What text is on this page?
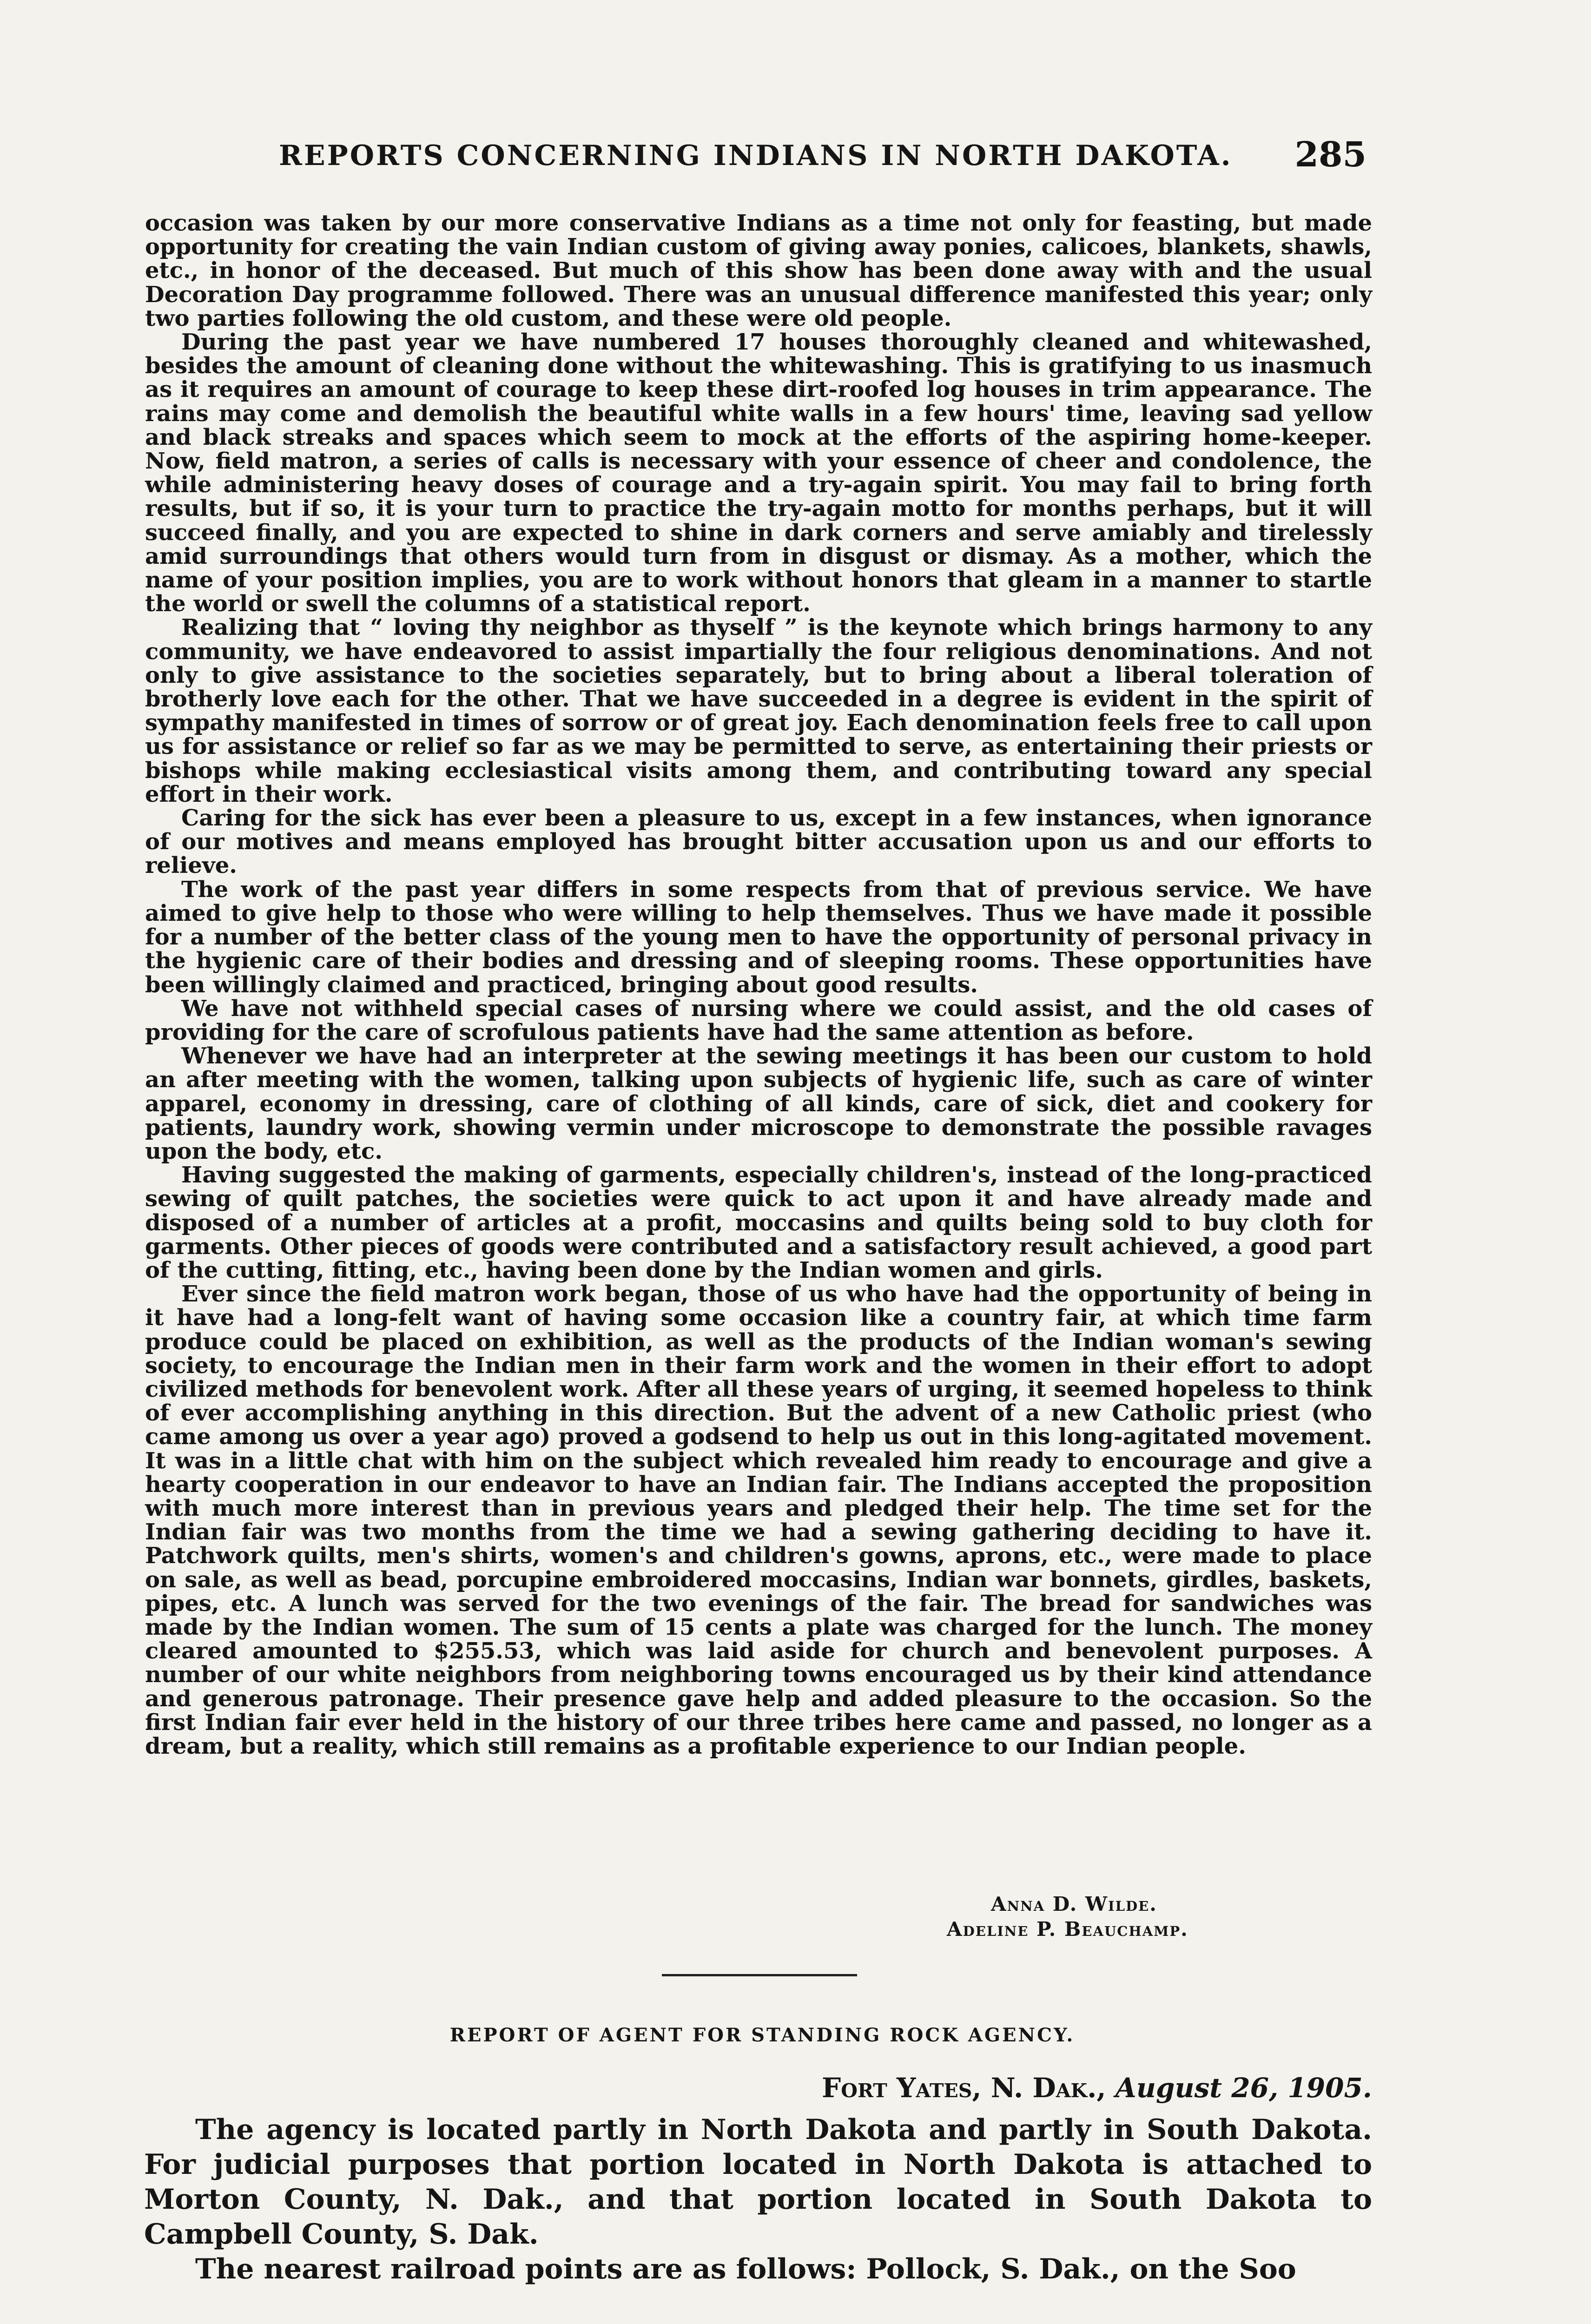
REPORTS CONCERNING INDIANS IN NORTH DAKOTA.	285

occasion was taken by our more conservative Indians as a time not only for feasting, but made opportunity for creating the vain Indian custom of giving away ponies, calicoes, blankets, shawls, etc., in honor of the deceased. But much of this show has been done away with and the usual Decoration Day programme followed. There was an unusual difference manifested this year; only two parties following the old custom, and these were old people.

During the past year we have numbered 17 houses thoroughly cleaned and whitewashed, besides the amount of cleaning done without the whitewashing. This is gratifying to us inasmuch as it requires an amount of courage to keep these dirt-roofed log houses in trim appearance. The rains may come and demolish the beautiful white walls in a few hours' time, leaving sad yellow and black streaks and spaces which seem to mock at the efforts of the aspiring home-keeper. Now, field matron, a series of calls is necessary with your essence of cheer and condolence, the while administering heavy doses of courage and a try-again spirit. You may fail to bring forth results, but if so, it is your turn to practice the try-again motto for months perhaps, but it will succeed finally, and you are expected to shine in dark corners and serve amiably and tirelessly amid surroundings that others would turn from in disgust or dismay. As a mother, which the name of your position implies, you are to work without honors that gleam in a manner to startle the world or swell the columns of a statistical report.

Realizing that “ loving thy neighbor as thyself ” is the keynote which brings harmony to any community, we have endeavored to assist impartially the four religious denominations. And not only to give assistance to the societies separately, but to bring about a liberal toleration of brotherly love each for the other. That we have succeeded in a degree is evident in the spirit of sympathy manifested in times of sorrow or of great joy. Each denomination feels free to call upon us for assistance or relief so far as we may be permitted to serve, as entertaining their priests or bishops while making ecclesiastical visits among them, and contributing toward any special effort in their work.

Caring for the sick has ever been a pleasure to us, except in a few instances, when ignorance of our motives and means employed has brought bitter accusation upon us and our efforts to relieve.

The work of the past year differs in some respects from that of previous service. We have aimed to give help to those who were willing to help themselves. Thus we have made it possible for a number of the better class of the young men to have the opportunity of personal privacy in the hygienic care of their bodies and dressing and of sleeping rooms. These opportunities have been willingly claimed and practiced, bringing about good results.

We have not withheld special cases of nursing where we could assist, and the old cases of providing for the care of scrofulous patients have had the same attention as before.

Whenever we have had an interpreter at the sewing meetings it has been our custom to hold an after meeting with the women, talking upon subjects of hygienic life, such as care of winter apparel, economy in dressing, care of clothing of all kinds, care of sick, diet and cookery for patients, laundry work, showing vermin under microscope to demonstrate the possible ravages upon the body, etc.

Having suggested the making of garments, especially children's, instead of the long-practiced sewing of quilt patches, the societies were quick to act upon it and have already made and disposed of a number of articles at a profit, moccasins and quilts being sold to buy cloth for garments. Other pieces of goods were contributed and a satisfactory result achieved, a good part of the cutting, fitting, etc., having been done by the Indian women and girls.

Ever since the field matron work began, those of us who have had the opportunity of being in it have had a long-felt want of having some occasion like a country fair, at which time farm produce could be placed on exhibition, as well as the products of the Indian woman's sewing society, to encourage the Indian men in their farm work and the women in their effort to adopt civilized methods for benevolent work. After all these years of urging, it seemed hopeless to think of ever accomplishing anything in this direction. But the advent of a new Catholic priest (who came among us over a year ago) proved a godsend to help us out in this long-agitated movement. It was in a little chat with him on the subject which revealed him ready to encourage and give a hearty cooperation in our endeavor to have an Indian fair. The Indians accepted the proposition with much more interest than in previous years and pledged their help. The time set for the Indian fair was two months from the time we had a sewing gathering deciding to have it. Patchwork quilts, men's shirts, women's and children's gowns, aprons, etc., were made to place on sale, as well as bead, porcupine embroidered moccasins, Indian war bonnets, girdles, baskets, pipes, etc. A lunch was served for the two evenings of the fair. The bread for sandwiches was made by the Indian women. The sum of 15 cents a plate was charged for the lunch. The money cleared amounted to $255.53, which was laid aside for church and benevolent purposes. A number of our white neighbors from neighboring towns encouraged us by their kind attendance and generous patronage. Their presence gave help and added pleasure to the occasion. So the first Indian fair ever held in the history of our three tribes here came and passed, no longer as a dream, but a reality, which still remains as a profitable experience to our Indian people.

Anna D. Wilde.
Adeline P. Beauchamp.
REPORT OF AGENT FOR STANDING ROCK AGENCY.
Fort Yates, N. Dak., August 26, 1905.

The agency is located partly in North Dakota and partly in South Dakota. For judicial purposes that portion located in North Dakota is attached to Morton County, N. Dak., and that portion located in South Dakota to Campbell County, S. Dak.

The nearest railroad points are as follows: Pollock, S. Dak., on the Soo
